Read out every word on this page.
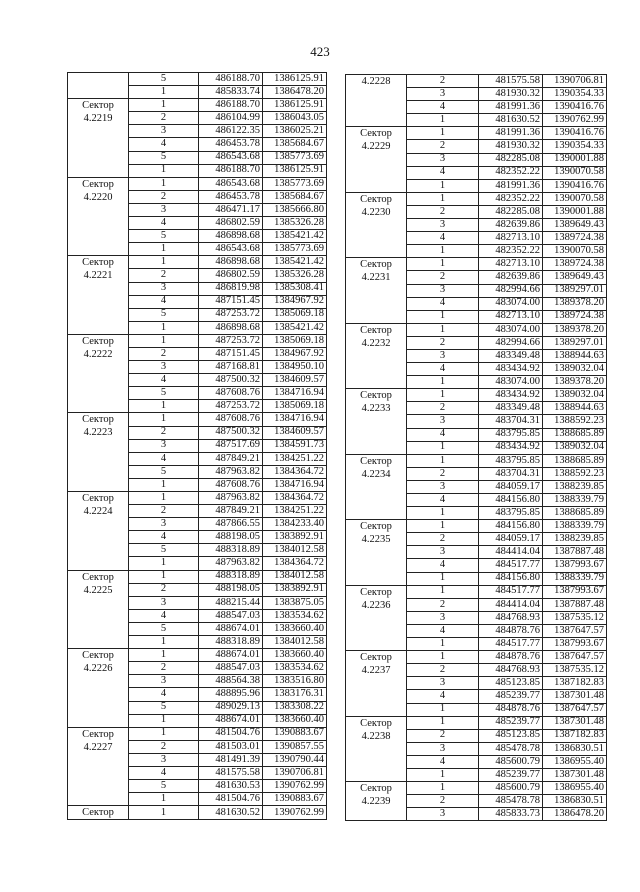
423
	5	486188.70	1386125.91
	1	485833.74	1386478.20

Сектор
4.2219	1	486188.70	1386125.91
	2	486104.99	1386043.05
	3	486122.35	1386025.21
	4	486453.78	1385684.67
	5	486543.68	1385773.69
	1	486188.70	1386125.91

Сектор
4.2220	1	486543.68	1385773.69
	2	486453.78	1385684.67
	3	486471.17	1385666.80
	4	486802.59	1385326.28
	5	486898.68	1385421.42
	1	486543.68	1385773.69

Сектор
4.2221	1	486898.68	1385421.42
	2	486802.59	1385326.28
	3	486819.98	1385308.41
	4	487151.45	1384967.92
	5	487253.72	1385069.18
	1	486898.68	1385421.42

Сектор
4.2222	1	487253.72	1385069.18
	2	487151.45	1384967.92
	3	487168.81	1384950.10
	4	487500.32	1384609.57
	5	487608.76	1384716.94
	1	487253.72	1385069.18

Сектор
4.2223	1	487608.76	1384716.94
	2	487500.32	1384609.57
	3	487517.69	1384591.73
	4	487849.21	1384251.22
	5	487963.82	1384364.72
	1	487608.76	1384716.94

Сектор
4.2224	1	487963.82	1384364.72
	2	487849.21	1384251.22
	3	487866.55	1384233.40
	4	488198.05	1383892.91
	5	488318.89	1384012.58
	1	487963.82	1384364.72

Сектор
4.2225	1	488318.89	1384012.58
	2	488198.05	1383892.91
	3	488215.44	1383875.05
	4	488547.03	1383534.62
	5	488674.01	1383660.40
	1	488318.89	1384012.58

Сектор
4.2226	1	488674.01	1383660.40
	2	488547.03	1383534.62
	3	488564.38	1383516.80
	4	488895.96	1383176.31
	5	489029.13	1383308.22
	1	488674.01	1383660.40

Сектор
4.2227	1	481504.76	1390883.67
	2	481503.01	1390857.55
	3	481491.39	1390790.44
	4	481575.58	1390706.81
	5	481630.53	1390762.99
	1	481504.76	1390883.67

Сектор	1	481630.52	1390762.99
4.2228	2	481575.58	1390706.81
	3	481930.32	1390354.33
	4	481991.36	1390416.76
	1	481630.52	1390762.99

Сектор
4.2229	1	481991.36	1390416.76
	2	481930.32	1390354.33
	3	482285.08	1390001.88
	4	482352.22	1390070.58
	1	481991.36	1390416.76

Сектор
4.2230	1	482352.22	1390070.58
	2	482285.08	1390001.88
	3	482639.86	1389649.43
	4	482713.10	1389724.38
	1	482352.22	1390070.58

Сектор
4.2231	1	482713.10	1389724.38
	2	482639.86	1389649.43
	3	482994.66	1389297.01
	4	483074.00	1389378.20
	1	482713.10	1389724.38

Сектор
4.2232	1	483074.00	1389378.20
	2	482994.66	1389297.01
	3	483349.48	1388944.63
	4	483434.92	1389032.04
	1	483074.00	1389378.20

Сектор
4.2233	1	483434.92	1389032.04
	2	483349.48	1388944.63
	3	483704.31	1388592.23
	4	483795.85	1388685.89
	1	483434.92	1389032.04

Сектор
4.2234	1	483795.85	1388685.89
	2	483704.31	1388592.23
	3	484059.17	1388239.85
	4	484156.80	1388339.79
	1	483795.85	1388685.89

Сектор
4.2235	1	484156.80	1388339.79
	2	484059.17	1388239.85
	3	484414.04	1387887.48
	4	484517.77	1387993.67
	1	484156.80	1388339.79

Сектор
4.2236	1	484517.77	1387993.67
	2	484414.04	1387887.48
	3	484768.93	1387535.12
	4	484878.76	1387647.57
	1	484517.77	1387993.67

Сектор
4.2237	1	484878.76	1387647.57
	2	484768.93	1387535.12
	3	485123.85	1387182.83
	4	485239.77	1387301.48
	1	484878.76	1387647.57

Сектор
4.2238	1	485239.77	1387301.48
	2	485123.85	1387182.83
	3	485478.78	1386830.51
	4	485600.79	1386955.40
	1	485239.77	1387301.48

Сектор
4.2239	1	485600.79	1386955.40
	2	485478.78	1386830.51
	3	485833.73	1386478.20
